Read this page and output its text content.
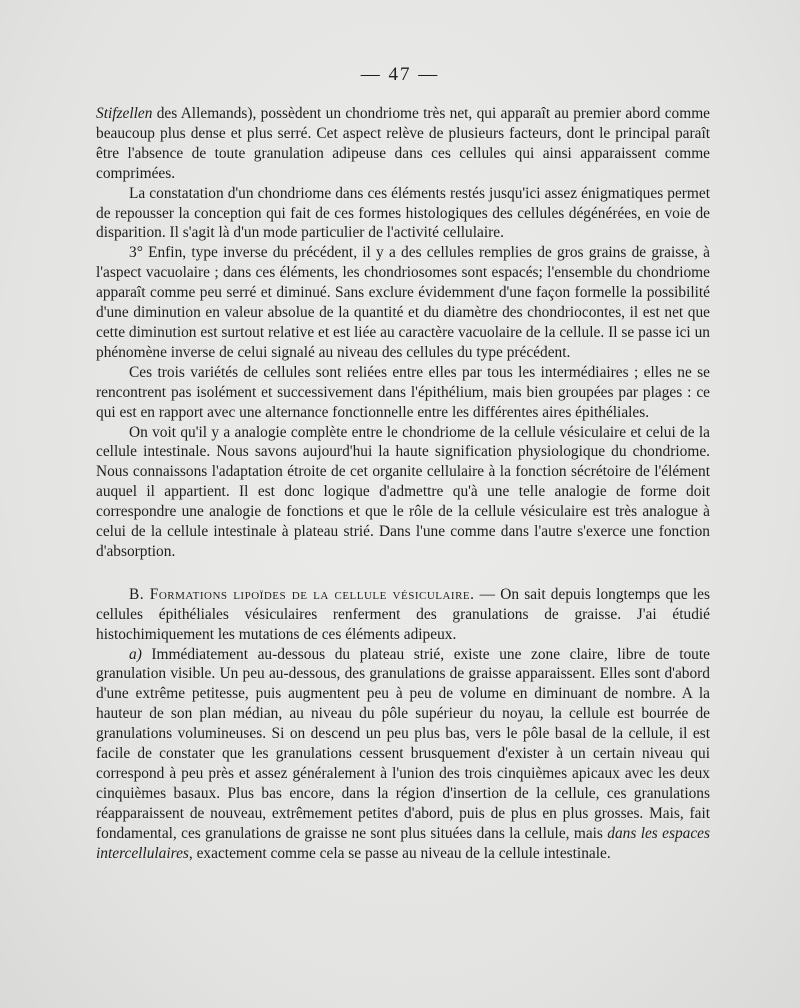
— 47 —

Stifzellen des Allemands), possèdent un chondriome très net, qui apparaît au premier abord comme beaucoup plus dense et plus serré. Cet aspect relève de plusieurs facteurs, dont le principal paraît être l'absence de toute granulation adipeuse dans ces cellules qui ainsi apparaissent comme comprimées.

La constatation d'un chondriome dans ces éléments restés jusqu'ici assez énigmatiques permet de repousser la conception qui fait de ces formes histologiques des cellules dégénérées, en voie de disparition. Il s'agit là d'un mode particulier de l'activité cellulaire.

3° Enfin, type inverse du précédent, il y a des cellules remplies de gros grains de graisse, à l'aspect vacuolaire ; dans ces éléments, les chondriosomes sont espacés; l'ensemble du chondriome apparaît comme peu serré et diminué. Sans exclure évidemment d'une façon formelle la possibilité d'une diminution en valeur absolue de la quantité et du diamètre des chondriocontes, il est net que cette diminution est surtout relative et est liée au caractère vacuolaire de la cellule. Il se passe ici un phénomène inverse de celui signalé au niveau des cellules du type précédent.

Ces trois variétés de cellules sont reliées entre elles par tous les intermédiaires ; elles ne se rencontrent pas isolément et successivement dans l'épithélium, mais bien groupées par plages : ce qui est en rapport avec une alternance fonctionnelle entre les différentes aires épithéliales.

On voit qu'il y a analogie complète entre le chondriome de la cellule vésiculaire et celui de la cellule intestinale. Nous savons aujourd'hui la haute signification physiologique du chondriome. Nous connaissons l'adaptation étroite de cet organite cellulaire à la fonction sécrétoire de l'élément auquel il appartient. Il est donc logique d'admettre qu'à une telle analogie de forme doit correspondre une analogie de fonctions et que le rôle de la cellule vésiculaire est très analogue à celui de la cellule intestinale à plateau strié. Dans l'une comme dans l'autre s'exerce une fonction d'absorption.

B. Formations lipoïdes de la cellule vésiculaire. — On sait depuis longtemps que les cellules épithéliales vésiculaires renferment des granulations de graisse. J'ai étudié histochimiquement les mutations de ces éléments adipeux.

a) Immédiatement au-dessous du plateau strié, existe une zone claire, libre de toute granulation visible. Un peu au-dessous, des granulations de graisse apparaissent. Elles sont d'abord d'une extrême petitesse, puis augmentent peu à peu de volume en diminuant de nombre. A la hauteur de son plan médian, au niveau du pôle supérieur du noyau, la cellule est bourrée de granulations volumineuses. Si on descend un peu plus bas, vers le pôle basal de la cellule, il est facile de constater que les granulations cessent brusquement d'exister à un certain niveau qui correspond à peu près et assez généralement à l'union des trois cinquièmes apicaux avec les deux cinquièmes basaux. Plus bas encore, dans la région d'insertion de la cellule, ces granulations réapparaissent de nouveau, extrêmement petites d'abord, puis de plus en plus grosses. Mais, fait fondamental, ces granulations de graisse ne sont plus situées dans la cellule, mais dans les espaces intercellulaires, exactement comme cela se passe au niveau de la cellule intestinale.
